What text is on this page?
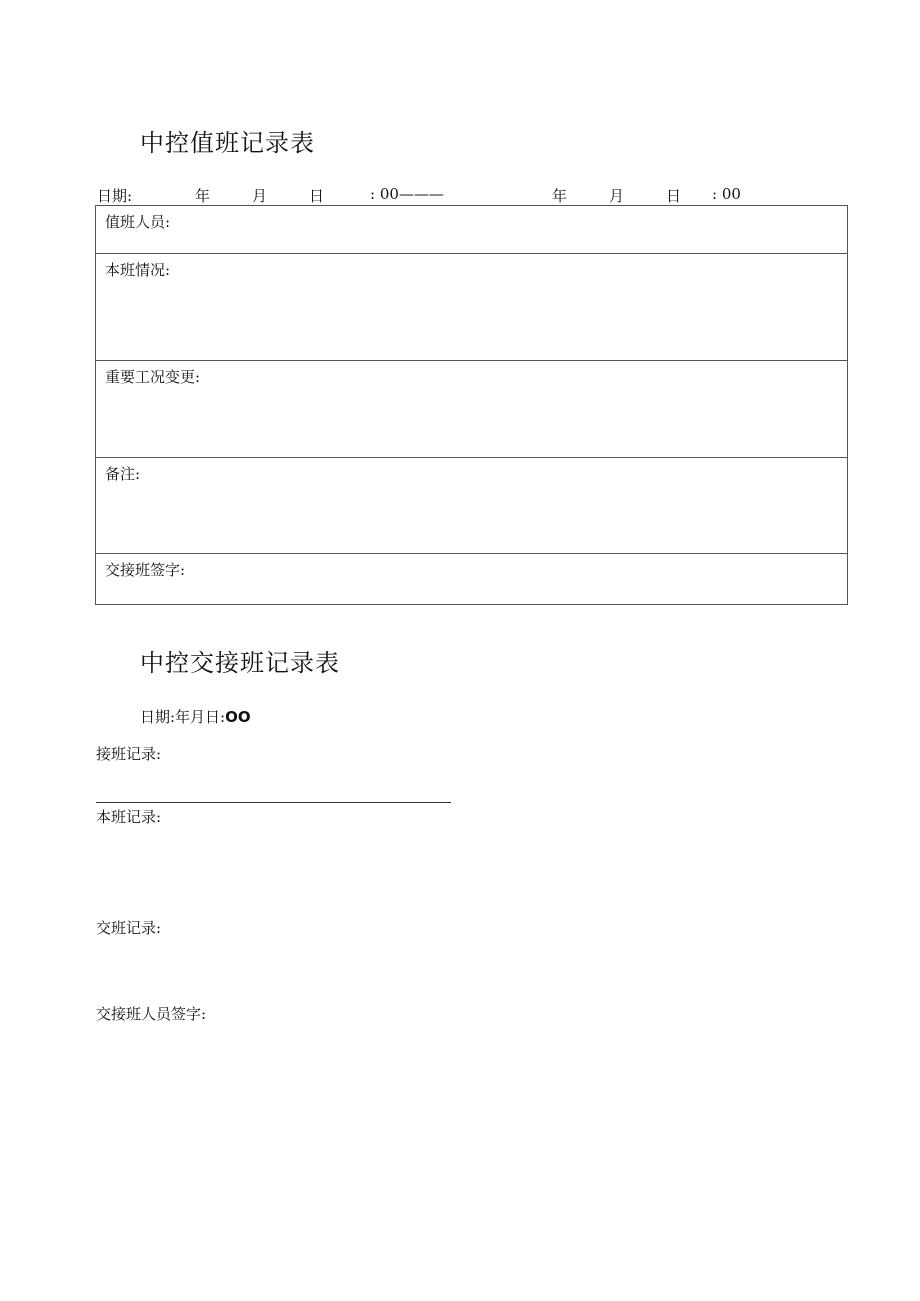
中控值班记录表
日期:	年	月	日	: 00———	年	月	日 : 00
值班人员:
本班情况:
重要工况变更:
备注:
交接班签字:
中控交接班记录表
日期:年月日:OO
接班记录:
本班记录:
交班记录:
交接班人员签字:
